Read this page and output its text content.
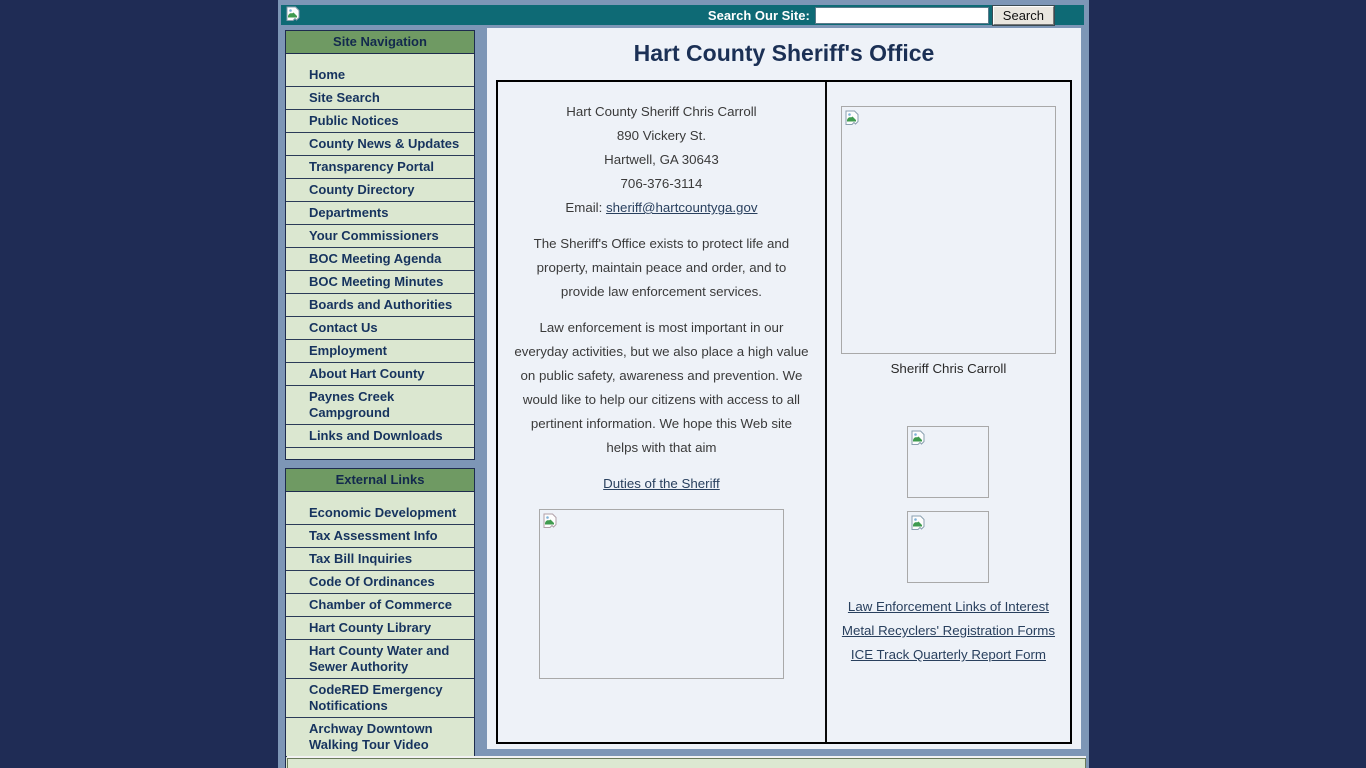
Search Our Site:	Search
Site Navigation
Home
Site Search
Public Notices
County News & Updates
Transparency Portal
County Directory
Departments
Your Commissioners
BOC Meeting Agenda
BOC Meeting Minutes
Boards and Authorities
Contact Us
Employment
About Hart County
Paynes Creek Campground
Links and Downloads
External Links
Economic Development
Tax Assessment Info
Tax Bill Inquiries
Code Of Ordinances
Chamber of Commerce
Hart County Library
Hart County Water and Sewer Authority
CodeRED Emergency Notifications
Archway Downtown Walking Tour Video
Hart County Sheriff's Office
Hart County Sheriff Chris Carroll
890 Vickery St.
Hartwell, GA 30643
706-376-3114
Email: sheriff@hartcountyga.gov
The Sheriff's Office exists to protect life and property, maintain peace and order, and to provide law enforcement services.
Law enforcement is most important in our everyday activities, but we also place a high value on public safety, awareness and prevention. We would like to help our citizens with access to all pertinent information. We hope this Web site helps with that aim
Duties of the Sheriff
Sheriff Chris Carroll
Law Enforcement Links of Interest
Metal Recyclers' Registration Forms
ICE Track Quarterly Report Form
